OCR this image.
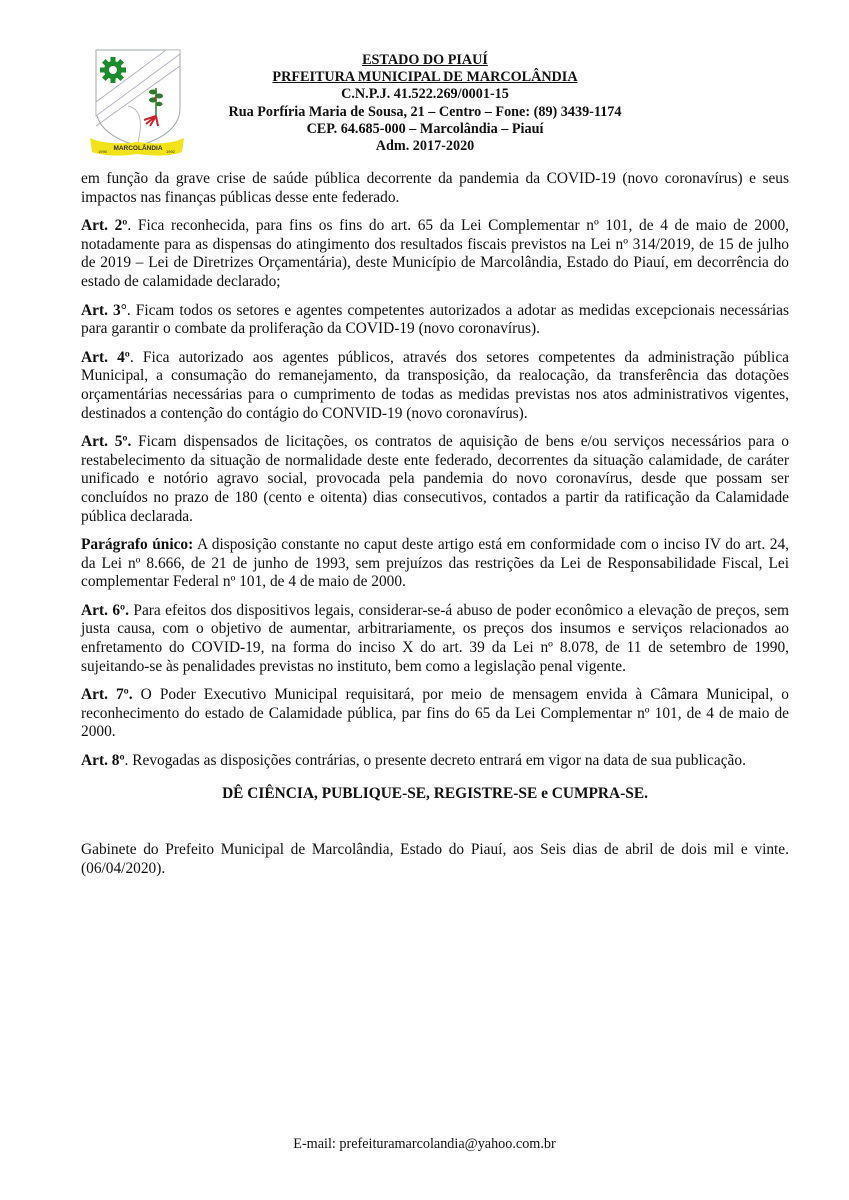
MARCOLÂNDIA
1990	1992
ESTADO DO PIAUÍ
PRFEITURA MUNICIPAL DE MARCOLÂNDIA
C.N.P.J. 41.522.269/0001-15
Rua Porfíria Maria de Sousa, 21 – Centro – Fone: (89) 3439-1174
CEP. 64.685-000 – Marcolândia – Piauí
Adm. 2017-2020

em função da grave crise de saúde pública decorrente da pandemia da COVID-19 (novo coronavírus) e seus impactos nas finanças públicas desse ente federado.

Art. 2º. Fica reconhecida, para fins os fins do art. 65 da Lei Complementar nº 101, de 4 de maio de 2000, notadamente para as dispensas do atingimento dos resultados fiscais previstos na Lei nº 314/2019, de 15 de julho de 2019 – Lei de Diretrizes Orçamentária), deste Município de Marcolândia, Estado do Piauí, em decorrência do estado de calamidade declarado;

Art. 3°. Ficam todos os setores e agentes competentes autorizados a adotar as medidas excepcionais necessárias para garantir o combate da proliferação da COVID-19 (novo coronavírus).

Art. 4º. Fica autorizado aos agentes públicos, através dos setores competentes da administração pública Municipal, a consumação do remanejamento, da transposição, da realocação, da transferência das dotações orçamentárias necessárias para o cumprimento de todas as medidas previstas nos atos administrativos vigentes, destinados a contenção do contágio do CONVID-19 (novo coronavírus).

Art. 5º. Ficam dispensados de licitações, os contratos de aquisição de bens e/ou serviços necessários para o restabelecimento da situação de normalidade deste ente federado, decorrentes da situação calamidade, de caráter unificado e notório agravo social, provocada pela pandemia do novo coronavírus, desde que possam ser concluídos no prazo de 180 (cento e oitenta) dias consecutivos, contados a partir da ratificação da Calamidade pública declarada.

Parágrafo único: A disposição constante no caput deste artigo está em conformidade com o inciso IV do art. 24, da Lei nº 8.666, de 21 de junho de 1993, sem prejuízos das restrições da Lei de Responsabilidade Fiscal, Lei complementar Federal nº 101, de 4 de maio de 2000.

Art. 6º. Para efeitos dos dispositivos legais, considerar-se-á abuso de poder econômico a elevação de preços, sem justa causa, com o objetivo de aumentar, arbitrariamente, os preços dos insumos e serviços relacionados ao enfretamento do COVID-19, na forma do inciso X do art. 39 da Lei nº 8.078, de 11 de setembro de 1990, sujeitando-se às penalidades previstas no instituto, bem como a legislação penal vigente.

Art. 7º. O Poder Executivo Municipal requisitará, por meio de mensagem envida à Câmara Municipal, o reconhecimento do estado de Calamidade pública, par fins do 65 da Lei Complementar nº 101, de 4 de maio de 2000.

Art. 8º. Revogadas as disposições contrárias, o presente decreto entrará em vigor na data de sua publicação.

DÊ CIÊNCIA, PUBLIQUE-SE, REGISTRE-SE e CUMPRA-SE.

Gabinete do Prefeito Municipal de Marcolândia, Estado do Piauí, aos Seis dias de abril de dois mil e vinte. (06/04/2020).

E-mail: prefeituramarcolandia@yahoo.com.br
